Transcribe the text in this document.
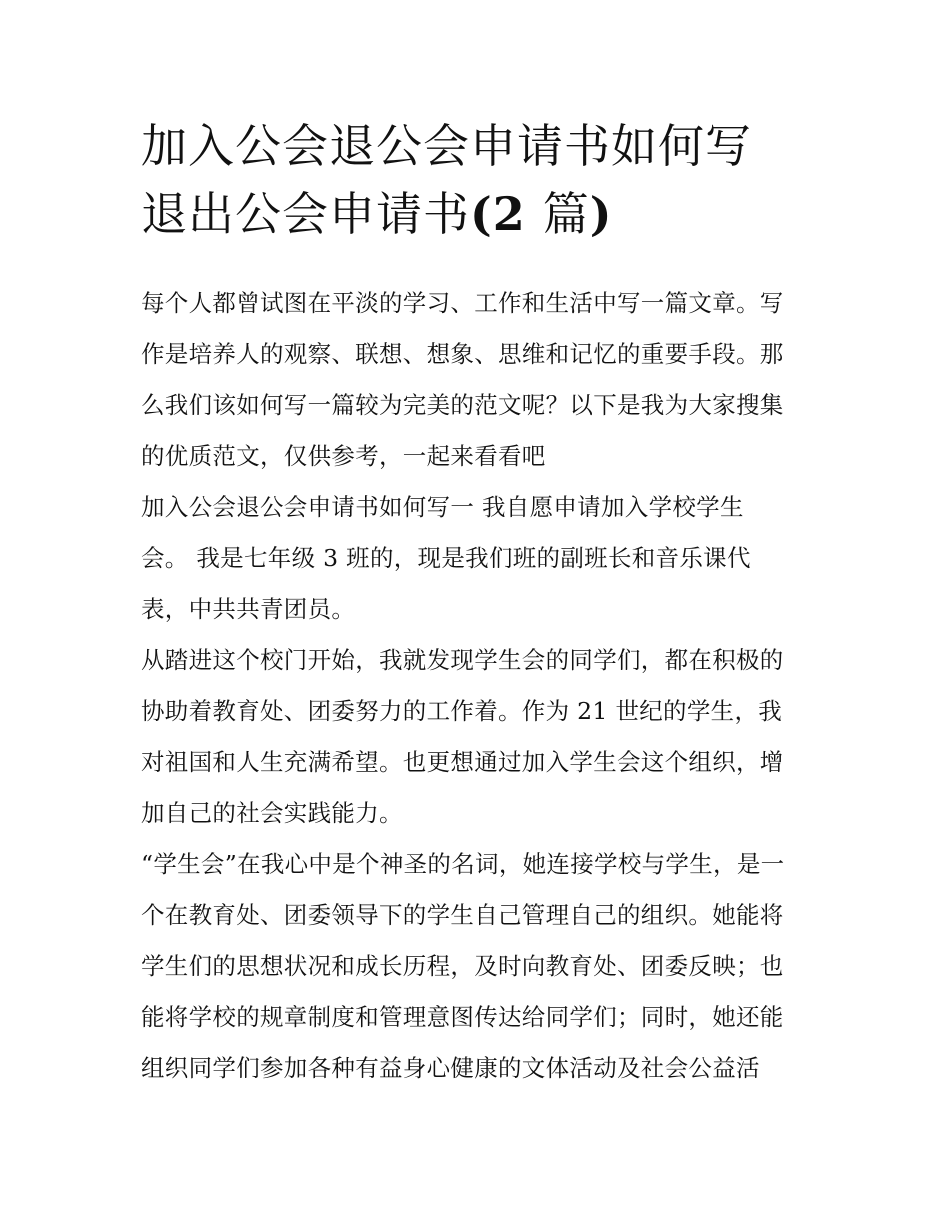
加入公会退公会申请书如何写
退出公会申请书(2 篇)
每个人都曾试图在平淡的学习、工作和生活中写一篇文章。写
作是培养人的观察、联想、想象、思维和记忆的重要手段。那
么我们该如何写一篇较为完美的范文呢？以下是我为大家搜集
的优质范文，仅供参考，一起来看看吧
加入公会退公会申请书如何写一 我自愿申请加入学校学生
会。 我是七年级 3 班的，现是我们班的副班长和音乐课代
表，中共共青团员。
从踏进这个校门开始，我就发现学生会的同学们，都在积极的
协助着教育处、团委努力的工作着。作为 21 世纪的学生，我
对祖国和人生充满希望。也更想通过加入学生会这个组织，增
加自己的社会实践能力。
“学生会”在我心中是个神圣的名词，她连接学校与学生，是一
个在教育处、团委领导下的学生自己管理自己的组织。她能将
学生们的思想状况和成长历程，及时向教育处、团委反映；也
能将学校的规章制度和管理意图传达给同学们；同时，她还能
组织同学们参加各种有益身心健康的文体活动及社会公益活
